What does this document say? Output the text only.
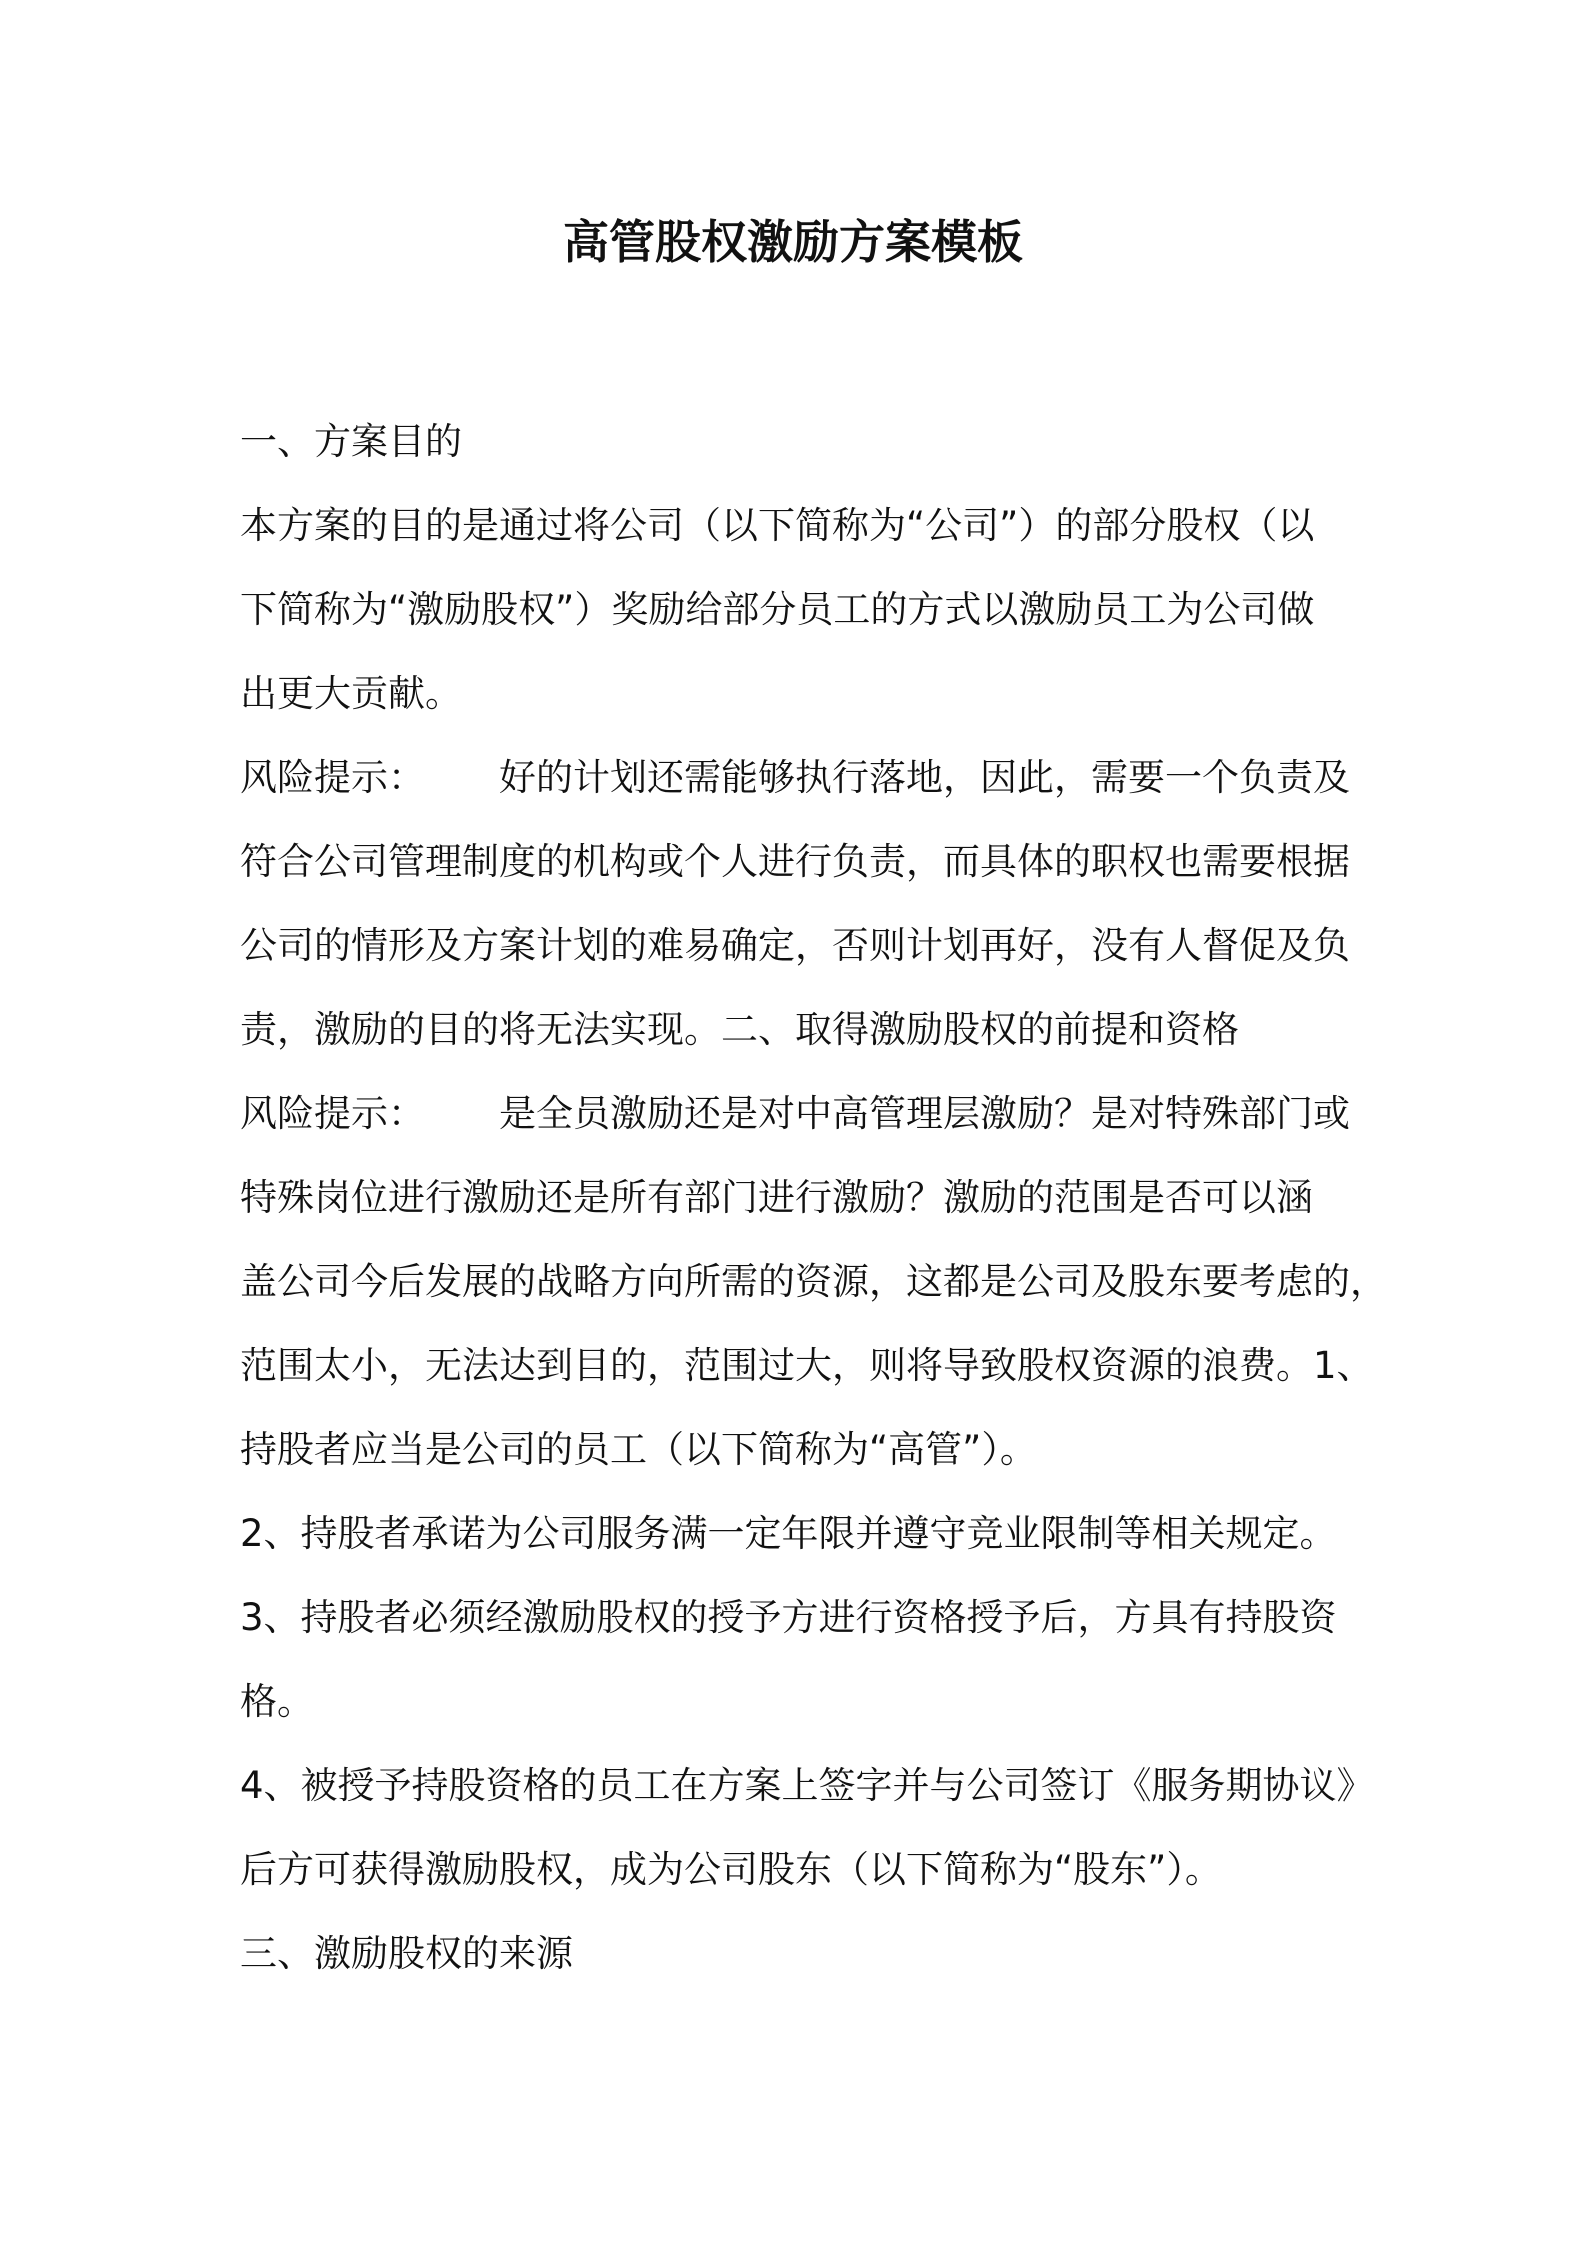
高管股权激励方案模板
一、方案目的
本方案的目的是通过将公司（以下简称为“公司”）的部分股权（以
下简称为“激励股权”）奖励给部分员工的方式以激励员工为公司做
出更大贡献。
风险提示： 好的计划还需能够执行落地，因此，需要一个负责及
符合公司管理制度的机构或个人进行负责，而具体的职权也需要根据
公司的情形及方案计划的难易确定，否则计划再好，没有人督促及负
责，激励的目的将无法实现。二、取得激励股权的前提和资格
风险提示： 是全员激励还是对中高管理层激励？是对特殊部门或
特殊岗位进行激励还是所有部门进行激励？激励的范围是否可以涵
盖公司今后发展的战略方向所需的资源，这都是公司及股东要考虑的，
范围太小，无法达到目的，范围过大，则将导致股权资源的浪费。1、
持股者应当是公司的员工（以下简称为“高管”）。
2、持股者承诺为公司服务满一定年限并遵守竞业限制等相关规定。
3、持股者必须经激励股权的授予方进行资格授予后，方具有持股资
格。
4、被授予持股资格的员工在方案上签字并与公司签订《服务期协议》
后方可获得激励股权，成为公司股东（以下简称为“股东”）。
三、激励股权的来源
